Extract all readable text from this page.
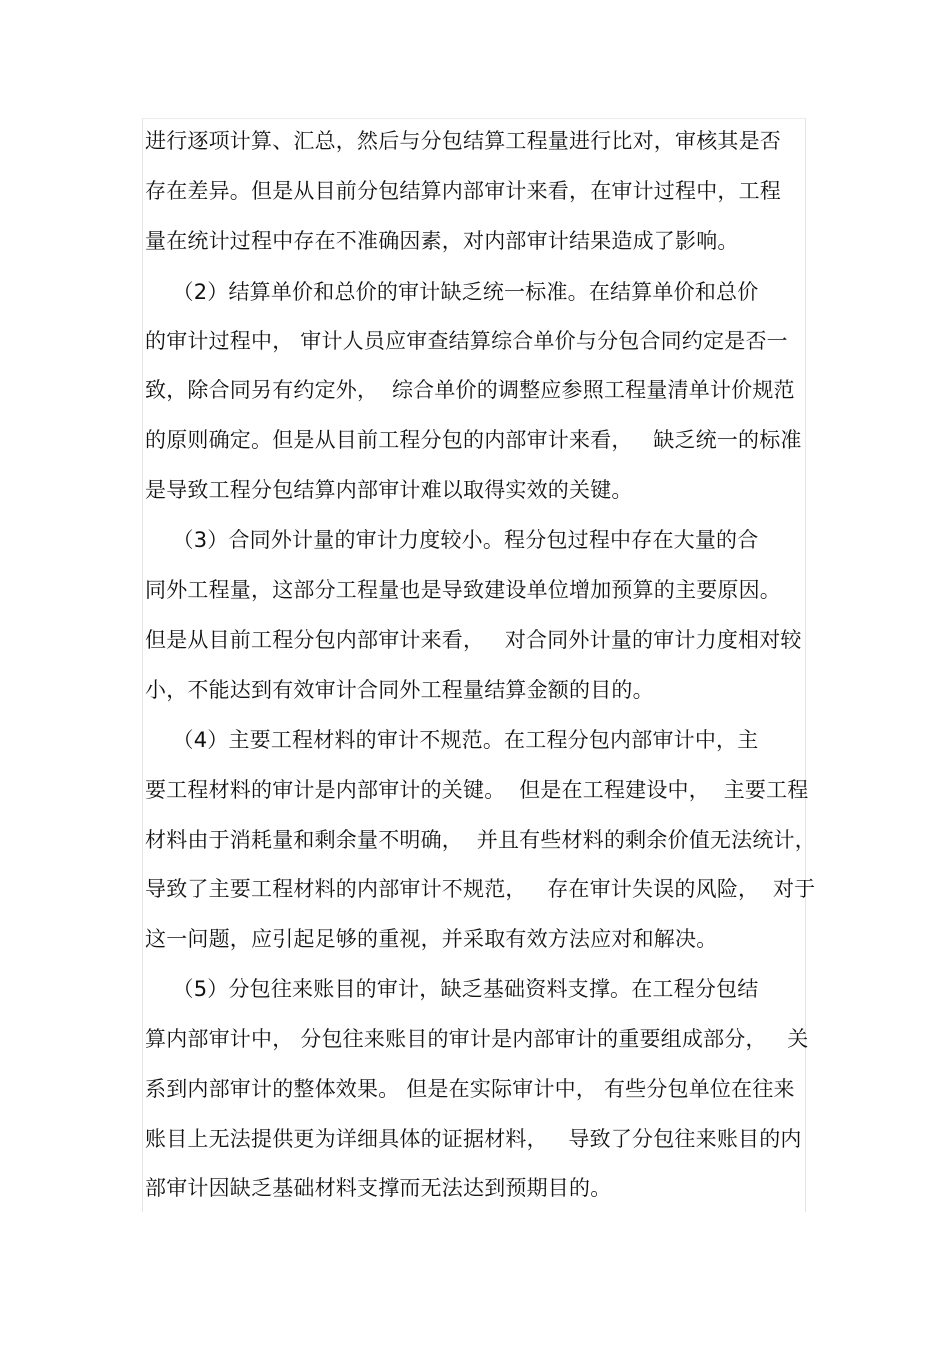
进行逐项计算、汇总，然后与分包结算工程量进行比对，审核其是否
存在差异。但是从目前分包结算内部审计来看，在审计过程中，工程
量在统计过程中存在不准确因素，对内部审计结果造成了影响。
（2）结算单价和总价的审计缺乏统一标准。在结算单价和总价
的审计过程中， 审计人员应审查结算综合单价与分包合同约定是否一
致，除合同另有约定外，  综合单价的调整应参照工程量清单计价规范
的原则确定。但是从目前工程分包的内部审计来看，   缺乏统一的标准
是导致工程分包结算内部审计难以取得实效的关键。
（3）合同外计量的审计力度较小。程分包过程中存在大量的合
同外工程量，这部分工程量也是导致建设单位增加预算的主要原因。
但是从目前工程分包内部审计来看，   对合同外计量的审计力度相对较
小，不能达到有效审计合同外工程量结算金额的目的。
（4）主要工程材料的审计不规范。在工程分包内部审计中，主
要工程材料的审计是内部审计的关键。  但是在工程建设中，  主要工程
材料由于消耗量和剩余量不明确，  并且有些材料的剩余价值无法统计，
导致了主要工程材料的内部审计不规范，   存在审计失误的风险，  对于
这一问题，应引起足够的重视，并采取有效方法应对和解决。
（5）分包往来账目的审计，缺乏基础资料支撑。在工程分包结
算内部审计中， 分包往来账目的审计是内部审计的重要组成部分，   关
系到内部审计的整体效果。 但是在实际审计中， 有些分包单位在往来
账目上无法提供更为详细具体的证据材料，   导致了分包往来账目的内
部审计因缺乏基础材料支撑而无法达到预期目的。
